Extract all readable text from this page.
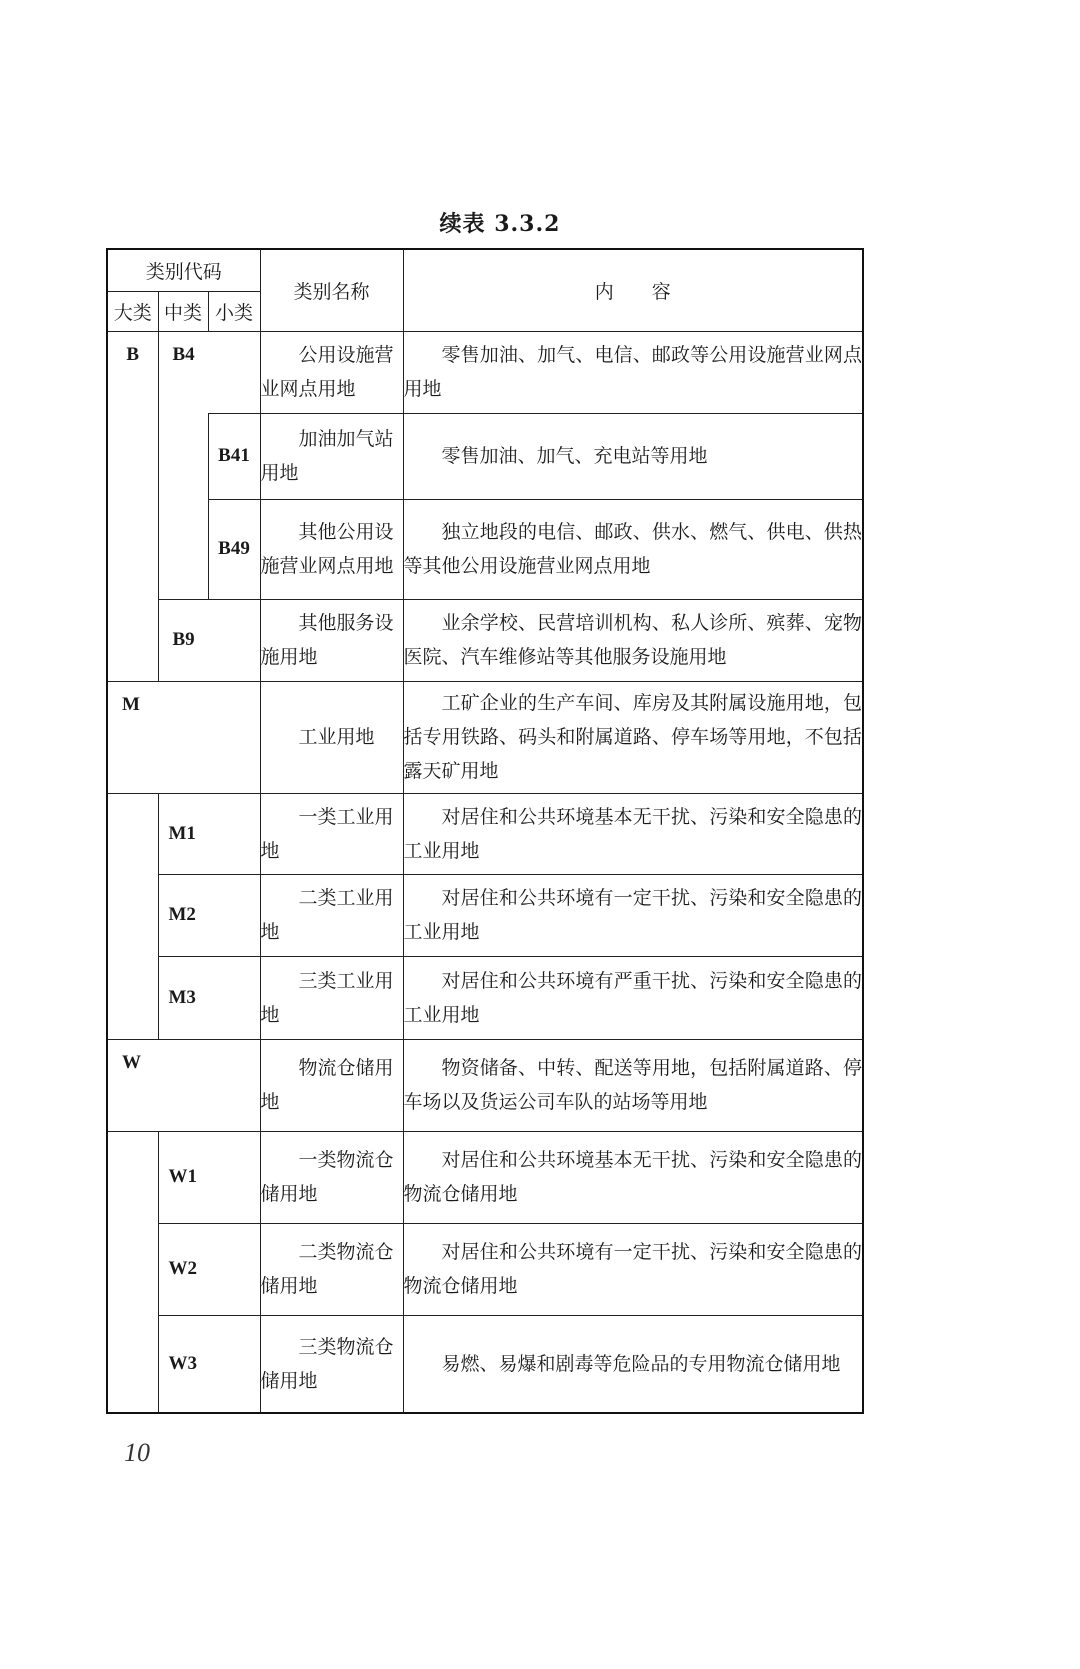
续表 3.3.2
类别代码			类别名称	内　　容
大类	中类	小类		
B	B4		公用设施营业网点用地	零售加油、加气、电信、邮政等公用设施营业网点用地
		B41	加油加气站用地	零售加油、加气、充电站等用地
		B49	其他公用设施营业网点用地	独立地段的电信、邮政、供水、燃气、供电、供热等其他公用设施营业网点用地
	B9		其他服务设施用地	业余学校、民营培训机构、私人诊所、殡葬、宠物医院、汽车维修站等其他服务设施用地
M			工业用地	工矿企业的生产车间、库房及其附属设施用地，包括专用铁路、码头和附属道路、停车场等用地，不包括露天矿用地
	M1		一类工业用地	对居住和公共环境基本无干扰、污染和安全隐患的工业用地
	M2		二类工业用地	对居住和公共环境有一定干扰、污染和安全隐患的工业用地
	M3		三类工业用地	对居住和公共环境有严重干扰、污染和安全隐患的工业用地
W			物流仓储用地	物资储备、中转、配送等用地，包括附属道路、停车场以及货运公司车队的站场等用地
	W1		一类物流仓储用地	对居住和公共环境基本无干扰、污染和安全隐患的物流仓储用地
	W2		二类物流仓储用地	对居住和公共环境有一定干扰、污染和安全隐患的物流仓储用地
	W3		三类物流仓储用地	易燃、易爆和剧毒等危险品的专用物流仓储用地
10
